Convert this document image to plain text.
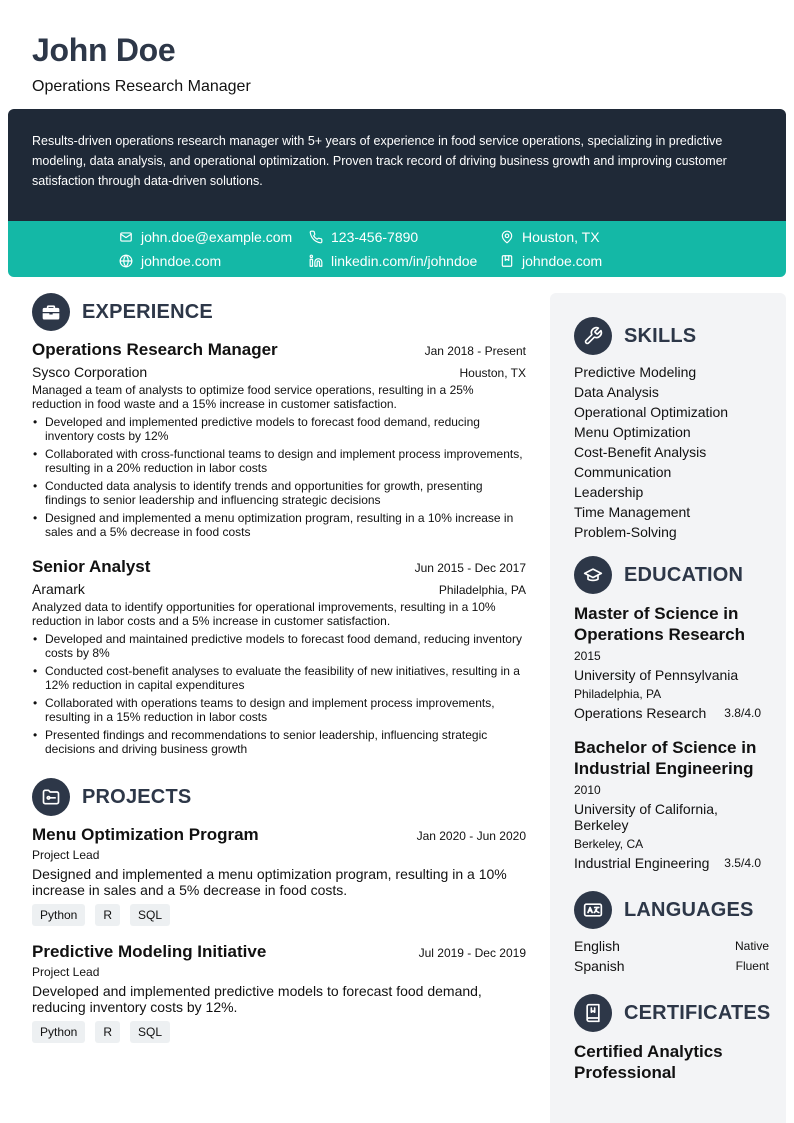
John Doe
Operations Research Manager
Results-driven operations research manager with 5+ years of experience in food service operations, specializing in predictive modeling, data analysis, and operational optimization. Proven track record of driving business growth and improving customer satisfaction through data-driven solutions.
john.doe@example.com	123-456-7890	Houston, TX
johndoe.com	linkedin.com/in/johndoe	johndoe.com
EXPERIENCE
Operations Research Manager	Jan 2018 - Present
Sysco Corporation	Houston, TX
Managed a team of analysts to optimize food service operations, resulting in a 25% reduction in food waste and a 15% increase in customer satisfaction.
• Developed and implemented predictive models to forecast food demand, reducing inventory costs by 12%
• Collaborated with cross-functional teams to design and implement process improvements, resulting in a 20% reduction in labor costs
• Conducted data analysis to identify trends and opportunities for growth, presenting findings to senior leadership and influencing strategic decisions
• Designed and implemented a menu optimization program, resulting in a 10% increase in sales and a 5% decrease in food costs
Senior Analyst	Jun 2015 - Dec 2017
Aramark	Philadelphia, PA
Analyzed data to identify opportunities for operational improvements, resulting in a 10% reduction in labor costs and a 5% increase in customer satisfaction.
• Developed and maintained predictive models to forecast food demand, reducing inventory costs by 8%
• Conducted cost-benefit analyses to evaluate the feasibility of new initiatives, resulting in a 12% reduction in capital expenditures
• Collaborated with operations teams to design and implement process improvements, resulting in a 15% reduction in labor costs
• Presented findings and recommendations to senior leadership, influencing strategic decisions and driving business growth
PROJECTS
Menu Optimization Program	Jan 2020 - Jun 2020
Project Lead
Designed and implemented a menu optimization program, resulting in a 10% increase in sales and a 5% decrease in food costs.
Python	R	SQL
Predictive Modeling Initiative	Jul 2019 - Dec 2019
Project Lead
Developed and implemented predictive models to forecast food demand, reducing inventory costs by 12%.
Python	R	SQL
SKILLS
Predictive Modeling
Data Analysis
Operational Optimization
Menu Optimization
Cost-Benefit Analysis
Communication
Leadership
Time Management
Problem-Solving
EDUCATION
Master of Science in Operations Research
2015
University of Pennsylvania
Philadelphia, PA
Operations Research 3.8/4.0
Bachelor of Science in Industrial Engineering
2010
University of California, Berkeley
Berkeley, CA
Industrial Engineering 3.5/4.0
LANGUAGES
English	Native
Spanish	Fluent
CERTIFICATES
Certified Analytics Professional
